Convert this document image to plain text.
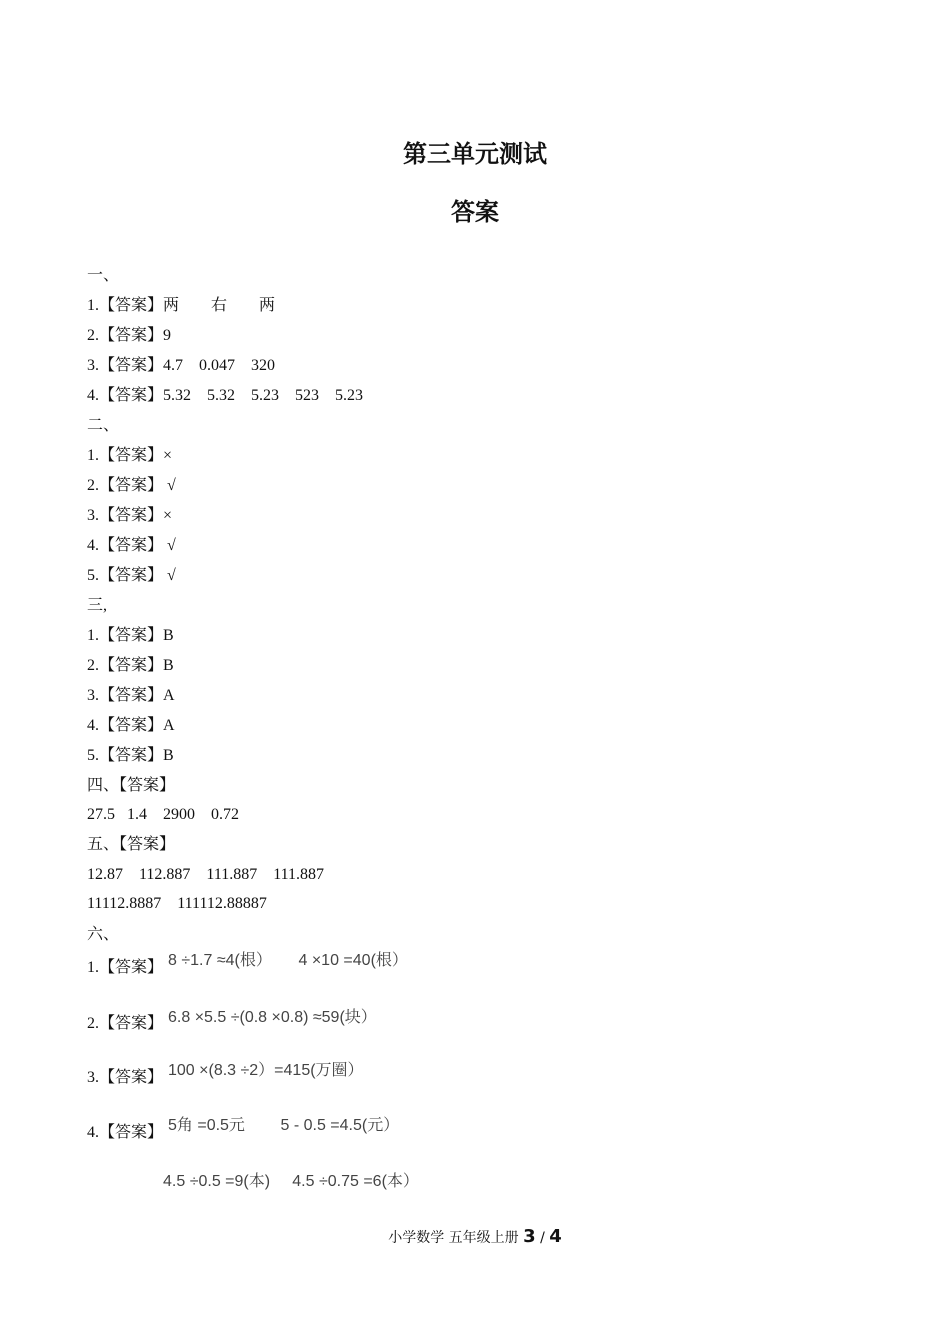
第三单元测试
答案
一、
1.【答案】两        右        两
2.【答案】9
3.【答案】4.7    0.047    320
4.【答案】5.32    5.32    5.23    523    5.23
二、
1.【答案】×
2.【答案】 √
3.【答案】×
4.【答案】 √
5.【答案】 √
三,
1.【答案】B
2.【答案】B
3.【答案】A
4.【答案】A
5.【答案】B
四、【答案】
27.5   1.4    2900    0.72
五、【答案】
12.87    112.887    111.887    111.887
11112.8887    111112.88887
六、
1.【答案】 8 ÷1.7 ≈4(根）      4 ×10 =40(根）
2.【答案】 6.8 ×5.5 ÷(0.8 ×0.8) ≈59(块）
3.【答案】 100 ×(8.3 ÷2）=415(万圈）
4.【答案】 5角 =0.5元        5 - 0.5 =4.5(元）
4.5 ÷0.5 =9(本)     4.5 ÷0.75 =6(本）
小学数学 五年级上册 3 / 4
